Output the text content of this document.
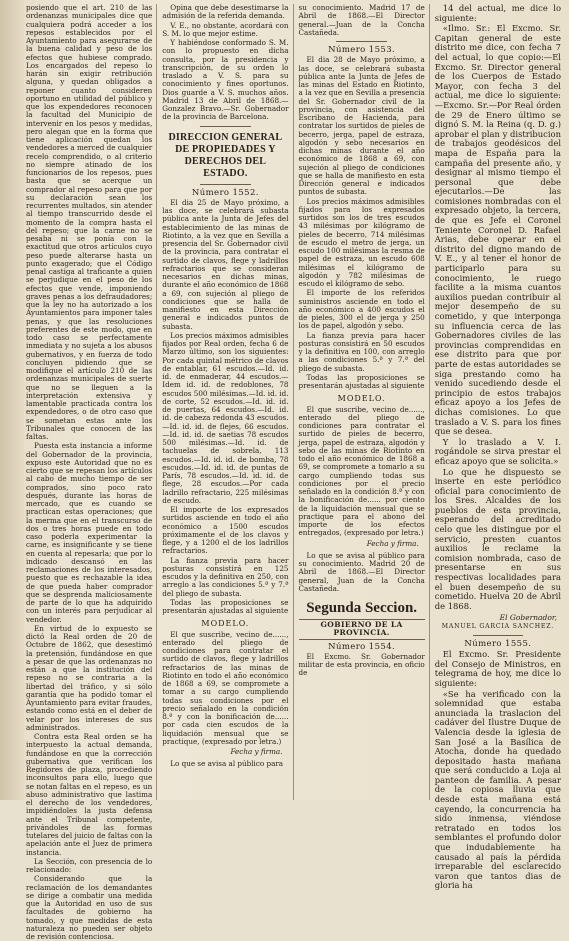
posiendo que el art. 210 de las ordenanzas municipales dice que cualquiera podrá acceder a los repesos establecidos por el Ayuntamiento para asegurarse de la buena calidad y peso de los efectos que hubiese comprado. Los encargados del repeso lo harán sin exigir retribución alguna, y quedan obligados a reponer cuanto consideren oportuno en utilidad del público y que los expendedores reconocen la facultad del Municipio de intervenir en los pesos y medidas, pero alegan que en la forma que tiene aplicación quedan los vendedores a merced de cualquier recelo comprendido, o al criterio no siempre atinado de los funcionarios de los repesos, pues basta que se acerque un comprador al repeso para que por su declaración sean los recurrentes multados, sin atender al tiempo transcurrido desde el momento de la compra hasta el del repeso; que la carne no se pesaba ni se ponía con la exactitud que otros artículos cuyo peso puede alterarse hasta un punto exagerado; que el Código penal castiga al traficante a quien se perjudique en el peso de los efectos que vende, imponiendo graves penas a los defraudadores; que la ley no ha autorizado a los Ayuntamientos para imponer tales penas, y que las resoluciones preferentes de este modo, que en todo caso se perfectamente inmediata y no sujeta a los abusos gubernativos, y en fuerza de todo concluyen pidiendo que se modifique el artículo 210 de las ordenanzas municipales de suerte que no se lleguen a la interpretación extensiva y lamentable practicada contra los expendedores, o de otro caso que se sometan estas ante los Tribunales que conocen de las faltas.

Puesta esta instancia a informe del Gobernador de la provincia, expuso este Autoridad que no es cierto que se repesan los artículos al cabo de mucho tiempo de ser comprados, sino poco rato después, durante las horas de mercado, que es cuando se practican estas operaciones; que la merma que en el transcurso de dos o tres horas puede en todo caso poderla experimentar la carne, es insignificante y se tiene en cuenta al repesarla; que por lo indicado descansó en las reclamaciones de los interesados, puesto que es rechazable la idea de que pueda haber comprador que se desprenda maliciosamente de parte de lo que ha adquirido con un interés para perjudicar al vendedor.

En virtud de lo expuesto se dictó la Real orden de 20 de Octubre de 1862, que desestimó la pretensión, fundándose en que a pesar de que las ordenanzas no están a que la institución del repeso no se contraria a la libertad del tráfico, y si sólo garantía que ha podido tomar el Ayuntamiento para evitar fraudes, estando como está en el deber de velar por los intereses de sus administrados.

Contra esta Real orden se ha interpuesto la actual demanda, fundándose en que la corrección gubernativa que verifican los Regidores de plaza, procediendo inconsultos para ello, luego que se notan faltas en el repeso, es un abuso administrativo que lastima el derecho de los vendedores, impidiéndoles la justa defensa ante el Tribunal competente, privándoles de las formas tutelares del juicio de faltas con la apelación ante el Juez de primera instancia.

La Sección, con presencia de lo relacionado:

Considerando que la reclamación de los demandantes se dirige a combatir una medida que la Autoridad en uso de sus facultades de gobierno ha tomado, y que medidas de esta naturaleza no pueden ser objeto de revisión contenciosa.

Opina que debe desestimarse la admisión de la referida demanda.

V. E., no obstante, acordará con S. M. lo que mejor estime.

Y habiéndose conformado S. M. con lo propuesto en dicha consulta, por la presidencia y transcripción, de su orden lo traslado a V. S. para su conocimiento y fines oportunos. Dios guarde a V. S. muchos años. Madrid 13 de Abril de 1868.—Gonzalez Bravo.—Sr. Gobernador de la provincia de Barcelona.

DIRECCION GENERAL DE PROPIEDADES Y DERECHOS DEL ESTADO.
Número 1552.

El dia 25 de Mayo próximo, a las doce, se celebrará subasta pública ante la Junta de Jefes del establecimiento de las minas de Riotinto, a la vez que en Sevilla a presencia del Sr. Gobernador civil de la provincia, para contratar el surtido de clavos, flege y ladrillos refractarios que se consideran necesarios en dichas minas, durante el año económico de 1868 a 69, con sujeción al pliego de condiciones que se halla de manifiesto en esta Dirección general e indicados puntos de subasta.

Los precios máximos admisibles fijados por Real orden, fecha 6 de Marzo último, son los siguientes: Por cada quintal métrico de clavos de entablar, 61 escudos.—Id. id. id. de enmaderar, 44 escudos.—Idem id. id. de redoblones, 78 escudos 500 milésimas.—Id. id. id. de corte, 52 escudos.—Id. id. id. de puertas, 64 escudos.—Id. id. id. de cabeza redonda 43 escudos.—Id. id. id. de flejes, 66 escudos.—Id. id. id. de saetias 78 escudos 500 milésimas.—Id. id. de tachuelas de sobrela, 113 escudos.—Id. id. id. de bomba, 78 escudos.—Id. id. id. de puntas de París, 78 escudos.—Id. id. id. de flege, 28 escudos.—Por cada ladrillo refractario, 225 milésimas de escudo.

El importe de los expresados surtidos asciende en todo el año económico a 1500 escudos próximamente el de los clavos y flege, y a 1200 el de los ladrillos refractarios.

La fianza previa para hacer posturas consistirá en 125 escudos y la definitiva en 250, con arreglo a las condiciones 5.ª y 7.ª del pliego de subasta.

Todas las proposiciones se presentarán ajustadas al siguiente

MODELO.

El que suscribe, vecino de......, enterado del pliego de condiciones para contratar el surtido de clavos, flege y ladrillos refractarios de las minas de Riotinto en todo el año económico de 1868 a 69, se compromete a tomar a su cargo cumpliendo todas sus condiciones por el precio señalado en la condición 8.ª y con la bonificación de...... por cada cien escudos de la liquidación mensual que se practique, (expresado por letra.)

Fecha y firma.

Lo que se avisa al público para

su conocimiento. Madrid 17 de Abril de 1868.—El Director general.—Juan de la Concha Castañeda.

Número 1553.

El dia 28 de Mayo próximo, a las doce, se celebrará subasta pública ante la Junta de Jefes de las minas del Estado en Riotinto, a la vez que en Sevilla a presencia del Sr. Gobernador civil de la provincia, con asistencia del Escribano de Hacienda, para contratar los surtidos de pieles de becerro, jerga, papel de estraza, algodón y sebo necesarios en dichas minas durante el año económico de 1868 a 69, con sujeción al pliego de condiciones que se halla de manifiesto en esta Dirección general e indicados puntos de subasta.

Los precios máximos admisibles fijados para los expresados surtidos son los de tres escudos 43 milésimas por kilógramo de pieles de becerro, 714 milésimas de escudo el metro de jerga, un escudo 100 milésimas la resma de papel de estraza, un escudo 608 milésimas el kilógramo de algodón y 782 milésimas de escudo el kilógramo de sebo.

El importe de los referidos suministros asciende en todo el año económico a 400 escudos el de pieles, 300 el de jerga y 250 los de papel, algodón y sebo.

La fianza previa para hacer posturas consistirá en 50 escudos y la definitiva en 100, con arreglo a las condiciones 5.ª y 7.ª del pliego de subasta.

Todas las proposiciones se presentarán ajustadas al siguiente

MODELO.

El que suscribe, vecino de......, enterado del pliego de condiciones para contratar el surtido de pieles de becerro, jerga, papel de estraza, algodón y sebo de las minas de Riotinto en todo el año económico de 1868 a 69, se compromete a tomarlo a su cargo cumpliendo todas sus condiciones por el precio señalado en la condición 8.ª y con la bonificación de...... por ciento de la liquidación mensual que se practique para el abono del importe de los efectos entregados, (expresado por letra.)

Fecha y firma.

Lo que se avisa al público para su conocimiento. Madrid 20 de Abril de 1868.—El Director general, Juan de la Concha Castañeda.

Segunda Seccion.
GOBIERNO DE LA PROVINCIA.
Número 1554.

El Excmo. Sr. Gobernador militar de esta provincia, en oficio de

14 del actual, me dice lo siguiente:

«Ilmo. Sr.: El Excmo. Sr. Capitan general de este distrito me dice, con fecha 7 del actual, lo que copio:—El Excmo. Sr. Director general de los Cuerpos de Estado Mayor, con fecha 3 del actual, me dice lo siguiente:—Excmo. Sr.—Por Real órden de 29 de Enero último se dignó S. M. la Reina (q. D. g.) aprobar el plan y distribucion de trabajos geodésicos del mapa de España para la campaña del presente año, y designar al mismo tiempo el personal que debe ejecutarlos.—De las comisiones nombradas con el expresado objeto, la tercera, de que es Jefe el Coronel Teniente Coronel D. Rafael Arias, debe operar en el distrito del digno mando de V. E., y al tener el honor de participarlo para su conocimiento, le ruego facilite a la misma cuantos auxilios puedan contribuir al mejor desempeño de su cometido, y que interponga su influencia cerca de las Gobernadores civiles de las provincias comprendidas en ese distrito para que por parte de estas autoridades se siga prestando como ha venido sucediendo desde el principio de estos trabajos eficaz apoyo a los Jefes de dichas comisiones. Lo que traslado a V. S. para los fines que se desea.

Y lo traslado a V. I. rogándole se sirva prestar el eficaz apoyo que se solicita.»

Lo que he dispuesto se inserte en este periódico oficial para conocimiento de los Sres. Alcaldes de los pueblos de esta provincia, esperando del acreditado celo que les distingue por el servicio, presten cuantos auxilios le reclame la comision nombrada, caso de presentarse en sus respectivas localidades para el buen desempeño de su cometido. Huelva 20 de Abril de 1868.

El Gobernador,
MANUEL GARCIA SANCHEZ.
Número 1555.

El Excmo. Sr. Presidente del Consejo de Ministros, en telegrama de hoy, me dice lo siguiente:

«Se ha verificado con la solemnidad que estaba anunciada la traslacion del cadáver del Ilustre Duque de Valencia desde la iglesia de San José a la Basílica de Atocha, donde ha quedado depositado hasta mañana que será conducido a Loja al panteon de familia. A pesar de la copiosa lluvia que desde esta mañana está cayendo, la concurrencia ha sido inmensa, viéndose retratado en todos los semblantes el profundo dolor que indudablemente ha causado al país la pérdida irreparable del esclarecido varon que tantos dias de gloria ha
